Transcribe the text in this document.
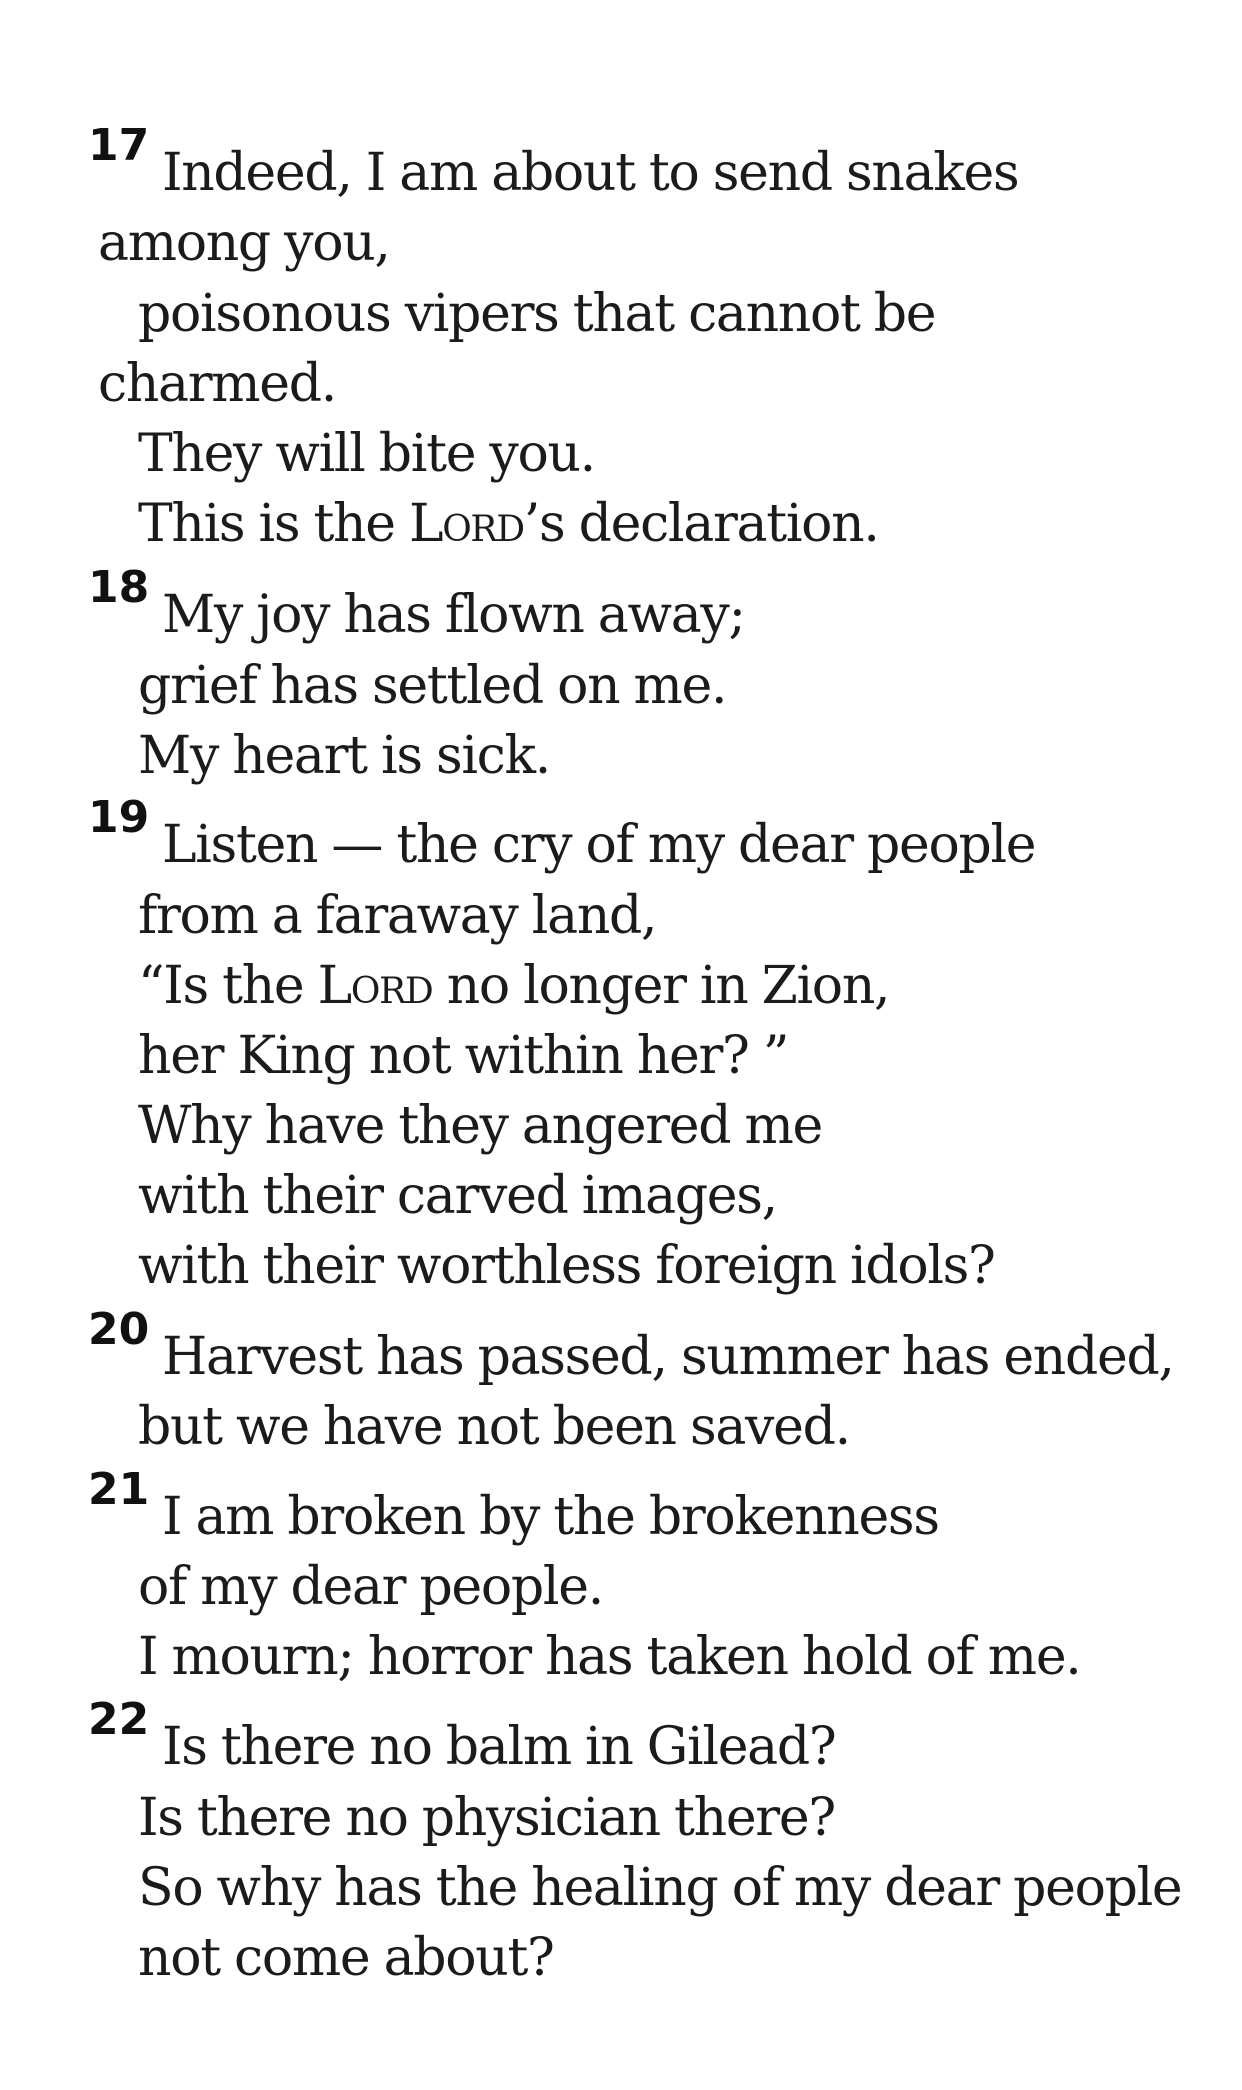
17 Indeed, I am about to send snakes
among you,
poisonous vipers that cannot be
charmed.
They will bite you.
This is the Lord’s declaration.
18 My joy has flown away;
grief has settled on me.
My heart is sick.
19 Listen — the cry of my dear people
from a faraway land,
“Is the Lord no longer in Zion,
her King not within her? ”
Why have they angered me
with their carved images,
with their worthless foreign idols?
20 Harvest has passed, summer has ended,
but we have not been saved.
21 I am broken by the brokenness
of my dear people.
I mourn; horror has taken hold of me.
22 Is there no balm in Gilead?
Is there no physician there?
So why has the healing of my dear people
not come about?
